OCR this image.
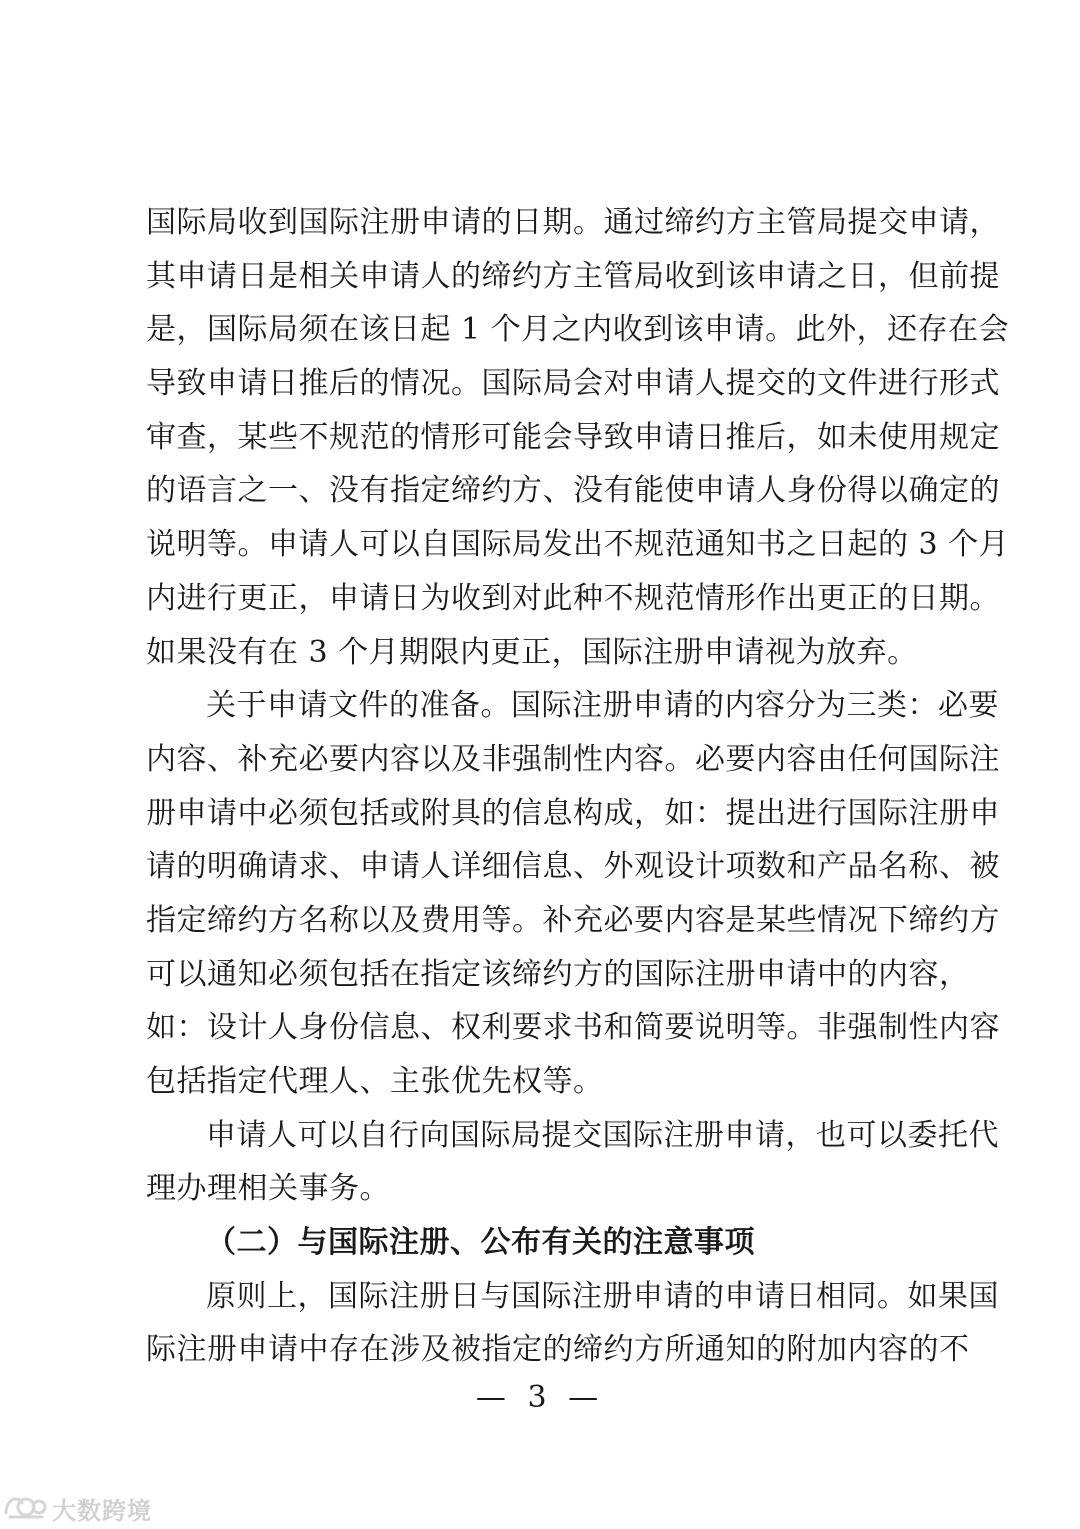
国际局收到国际注册申请的日期。通过缔约方主管局提交申请，
其申请日是相关申请人的缔约方主管局收到该申请之日，但前提
是，国际局须在该日起 1 个月之内收到该申请。此外，还存在会
导致申请日推后的情况。国际局会对申请人提交的文件进行形式
审查，某些不规范的情形可能会导致申请日推后，如未使用规定
的语言之一、没有指定缔约方、没有能使申请人身份得以确定的
说明等。申请人可以自国际局发出不规范通知书之日起的 3 个月
内进行更正，申请日为收到对此种不规范情形作出更正的日期。
如果没有在 3 个月期限内更正，国际注册申请视为放弃。
关于申请文件的准备。国际注册申请的内容分为三类：必要
内容、补充必要内容以及非强制性内容。必要内容由任何国际注
册申请中必须包括或附具的信息构成，如：提出进行国际注册申
请的明确请求、申请人详细信息、外观设计项数和产品名称、被
指定缔约方名称以及费用等。补充必要内容是某些情况下缔约方
可以通知必须包括在指定该缔约方的国际注册申请中的内容，
如：设计人身份信息、权利要求书和简要说明等。非强制性内容
包括指定代理人、主张优先权等。
申请人可以自行向国际局提交国际注册申请，也可以委托代
理办理相关事务。
（二）与国际注册、公布有关的注意事项
原则上，国际注册日与国际注册申请的申请日相同。如果国
际注册申请中存在涉及被指定的缔约方所通知的附加内容的不
— 3 —
大数跨境
